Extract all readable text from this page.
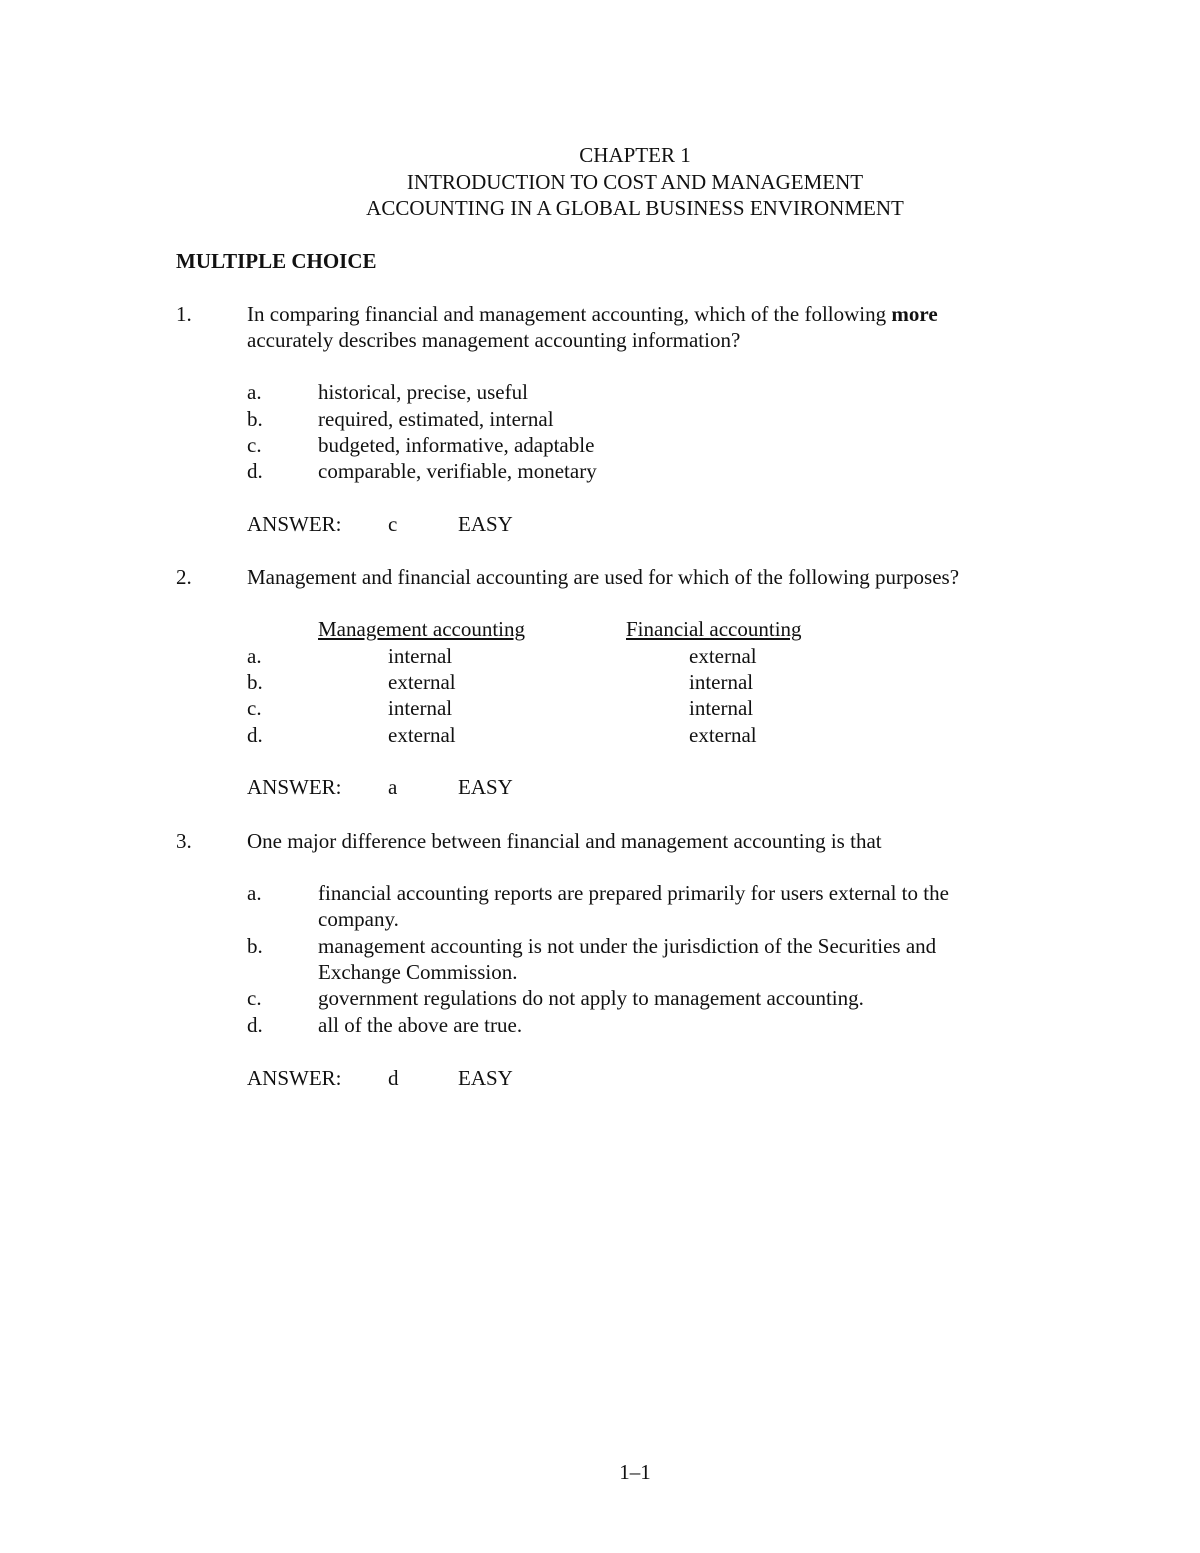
CHAPTER 1
INTRODUCTION TO COST AND MANAGEMENT
ACCOUNTING IN A GLOBAL BUSINESS ENVIRONMENT
MULTIPLE CHOICE
1.	In comparing financial and management accounting, which of the following more
accurately describes management accounting information?
a.	historical, precise, useful
b.	required, estimated, internal
c.	budgeted, informative, adaptable
d.	comparable, verifiable, monetary
ANSWER: c	EASY
2.	Management and financial accounting are used for which of the following purposes?
Management accounting	Financial accounting
a.	internal	external
b.	external	internal
c.	internal	internal
d.	external	external
ANSWER: a	EASY
3.	One major difference between financial and management accounting is that
a.	financial accounting reports are prepared primarily for users external to the
company.
b.	management accounting is not under the jurisdiction of the Securities and
Exchange Commission.
c.	government regulations do not apply to management accounting.
d.	all of the above are true.
ANSWER: d	EASY
1–1
